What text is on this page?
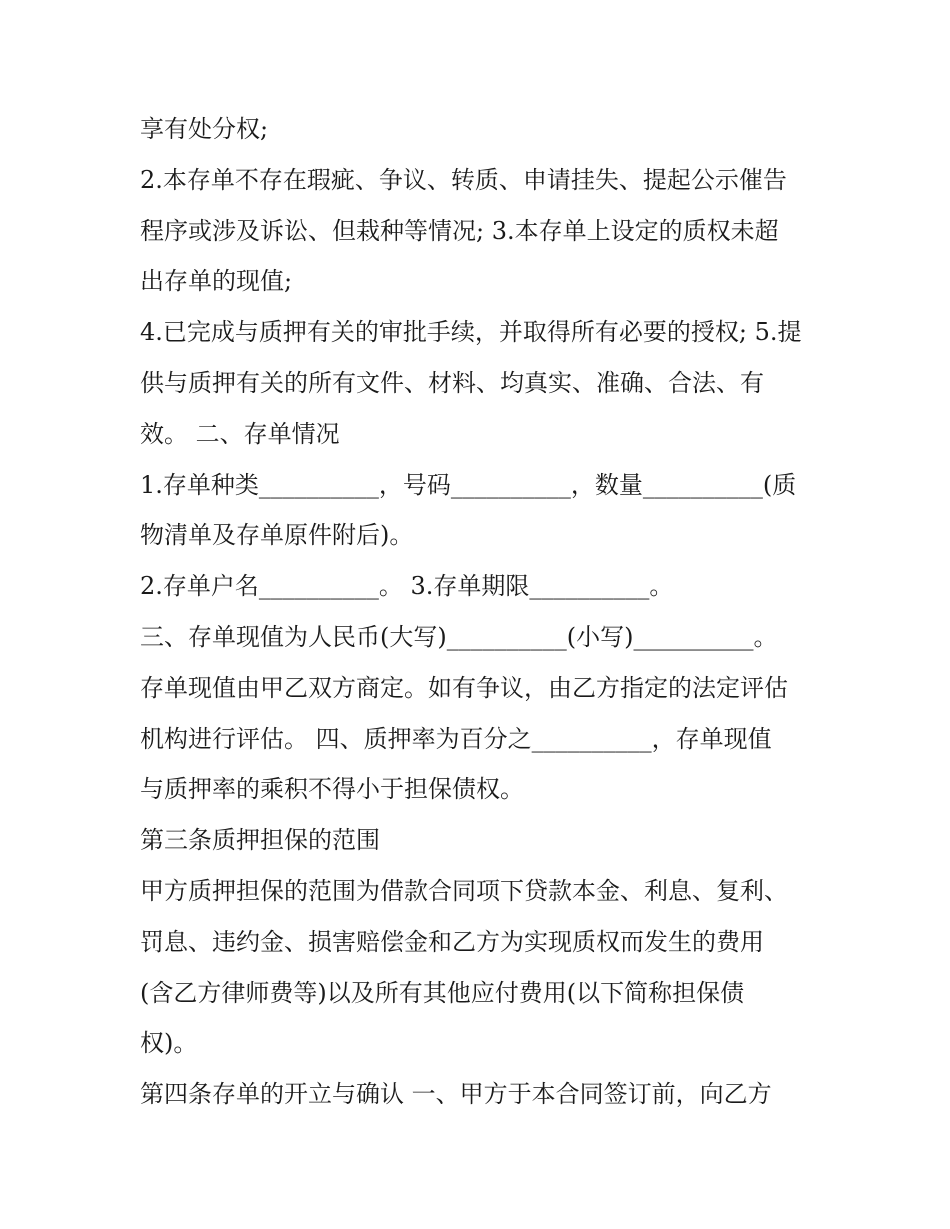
享有处分权;
2.本存单不存在瑕疵、争议、转质、申请挂失、提起公示催告
程序或涉及诉讼、但栽种等情况; 3.本存单上设定的质权未超
出存单的现值;
4.已完成与质押有关的审批手续，并取得所有必要的授权; 5.提
供与质押有关的所有文件、材料、均真实、准确、合法、有
效。 二、存单情况
1.存单种类__________，号码__________，数量__________(质
物清单及存单原件附后)。
2.存单户名__________。 3.存单期限__________。
三、存单现值为人民币(大写)__________(小写)__________。
存单现值由甲乙双方商定。如有争议，由乙方指定的法定评估
机构进行评估。 四、质押率为百分之__________，存单现值
与质押率的乘积不得小于担保债权。
第三条质押担保的范围
甲方质押担保的范围为借款合同项下贷款本金、利息、复利、
罚息、违约金、损害赔偿金和乙方为实现质权而发生的费用
(含乙方律师费等)以及所有其他应付费用(以下简称担保债
权)。
第四条存单的开立与确认 一、甲方于本合同签订前，向乙方
